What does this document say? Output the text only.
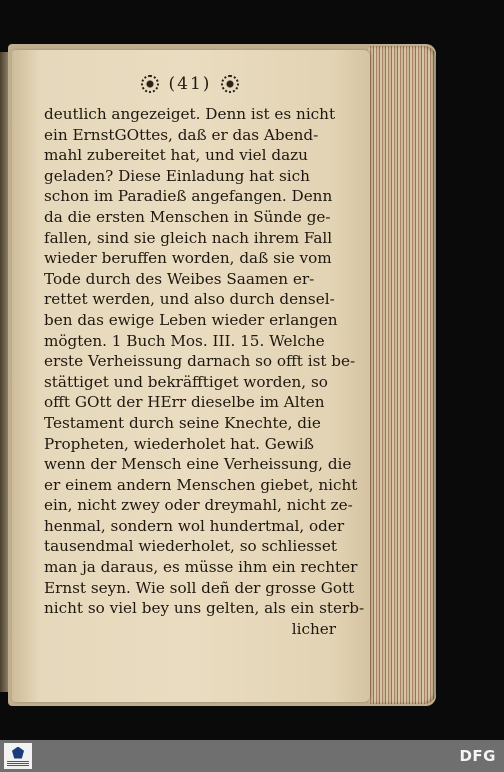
(41)
deutlich angezeiget. Denn ist es nicht
ein ErnstGOttes, daß er das Abend-
mahl zubereitet hat, und viel dazu
geladen? Diese Einladung hat sich
schon im Paradieß angefangen. Denn
da die ersten Menschen in Sünde ge-
fallen, sind sie gleich nach ihrem Fall
wieder beruffen worden, daß sie vom
Tode durch des Weibes Saamen er-
rettet werden, und also durch densel-
ben das ewige Leben wieder erlangen
mögten. 1 Buch Mos. III. 15. Welche
erste Verheissung darnach so offt ist be-
stättiget und bekräfftiget worden, so
offt GOtt der HErr dieselbe im Alten
Testament durch seine Knechte, die
Propheten, wiederholet hat. Gewiß
wenn der Mensch eine Verheissung, die
er einem andern Menschen giebet, nicht
ein, nicht zwey oder dreymahl, nicht ze-
henmal, sondern wol hundertmal, oder
tausendmal wiederholet, so schliesset
man ja daraus, es müsse ihm ein rechter
Ernst seyn. Wie soll deñ der grosse Gott
nicht so viel bey uns gelten, als ein sterb-
licher
DFG
